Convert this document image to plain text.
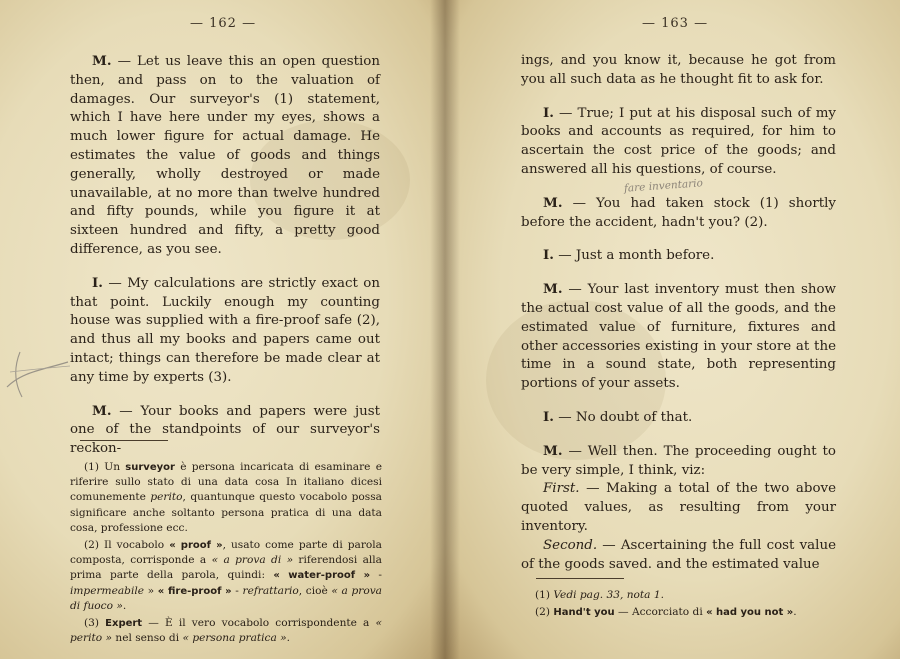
— 162 —

M. — Let us leave this an open question then, and pass on to the valuation of damages. Our surveyor's (1) statement, which I have here under my eyes, shows a much lower figure for actual damage. He estimates the value of goods and things generally, wholly destroyed or made unavailable, at no more than twelve hundred and fifty pounds, while you figure it at sixteen hundred and fifty, a pretty good difference, as you see.

I. — My calculations are strictly exact on that point. Luckily enough my counting house was supplied with a fire-proof safe (2), and thus all my books and papers came out intact; things can therefore be made clear at any time by experts (3).

M. — Your books and papers were just one of the standpoints of our surveyor's reckon-

(1) Un surveyor è persona incaricata di esaminare e riferire sullo stato di una data cosa In italiano dicesi comunemente perito, quantunque questo vocabolo possa significare anche soltanto persona pratica di una data cosa, professione ecc.

(2) Il vocabolo « proof », usato come parte di parola composta, corrisponde a « a prova di » riferendosi alla prima parte della parola, quindi: « water-proof » - impermeabile » « fire-proof » - refrattario, cioè « a prova di fuoco ».

(3) Expert — È il vero vocabolo corrispondente a « perito » nel senso di « persona pratica ».

— 163 —
fare inventario

ings, and you know it, because he got from you all such data as he thought fit to ask for.

I. — True; I put at his disposal such of my books and accounts as required, for him to ascertain the cost price of the goods; and answered all his questions, of course.

M. — You had taken stock (1) shortly before the accident, hadn't you? (2).

I. — Just a month before.

M. — Your last inventory must then show the actual cost value of all the goods, and the estimated value of furniture, fixtures and other accessories existing in your store at the time in a sound state, both representing portions of your assets.

I. — No doubt of that.

M. — Well then. The proceeding ought to be very simple, I think, viz:

First. — Making a total of the two above quoted values, as resulting from your inventory.

Second. — Ascertaining the full cost value of the goods saved. and the estimated value

(1) Vedi pag. 33, nota 1.

(2) Hand't you — Accorciato di « had you not ».
